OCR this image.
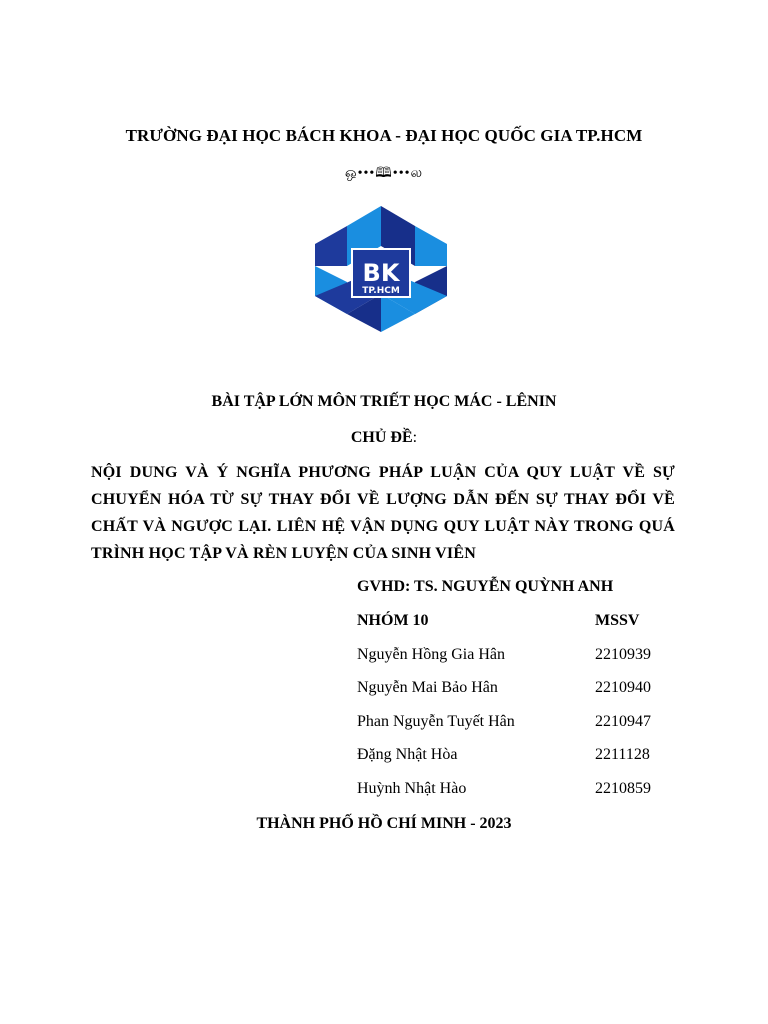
TRƯỜNG ĐẠI HỌC BÁCH KHOA - ĐẠI HỌC QUỐC GIA TP.HCM
ஒ•••🕮•••ல
BK
TP.HCM
BÀI TẬP LỚN MÔN TRIẾT HỌC MÁC - LÊNIN
CHỦ ĐỀ:
NỘI DUNG VÀ Ý NGHĨA PHƯƠNG PHÁP LUẬN CỦA QUY LUẬT VỀ SỰ CHUYỂN HÓA TỪ SỰ THAY ĐỔI VỀ LƯỢNG DẪN ĐẾN SỰ THAY ĐỔI VỀ CHẤT VÀ NGƯỢC LẠI. LIÊN HỆ VẬN DỤNG QUY LUẬT NÀY TRONG QUÁ TRÌNH HỌC TẬP VÀ RÈN LUYỆN CỦA SINH VIÊN
GVHD: TS. NGUYỄN QUỲNH ANH
NHÓM 10	MSSV
Nguyễn Hồng Gia Hân	2210939
Nguyễn Mai Bảo Hân	2210940
Phan Nguyễn Tuyết Hân	2210947
Đặng Nhật Hòa	2211128
Huỳnh Nhật Hào	2210859
THÀNH PHỐ HỒ CHÍ MINH - 2023
